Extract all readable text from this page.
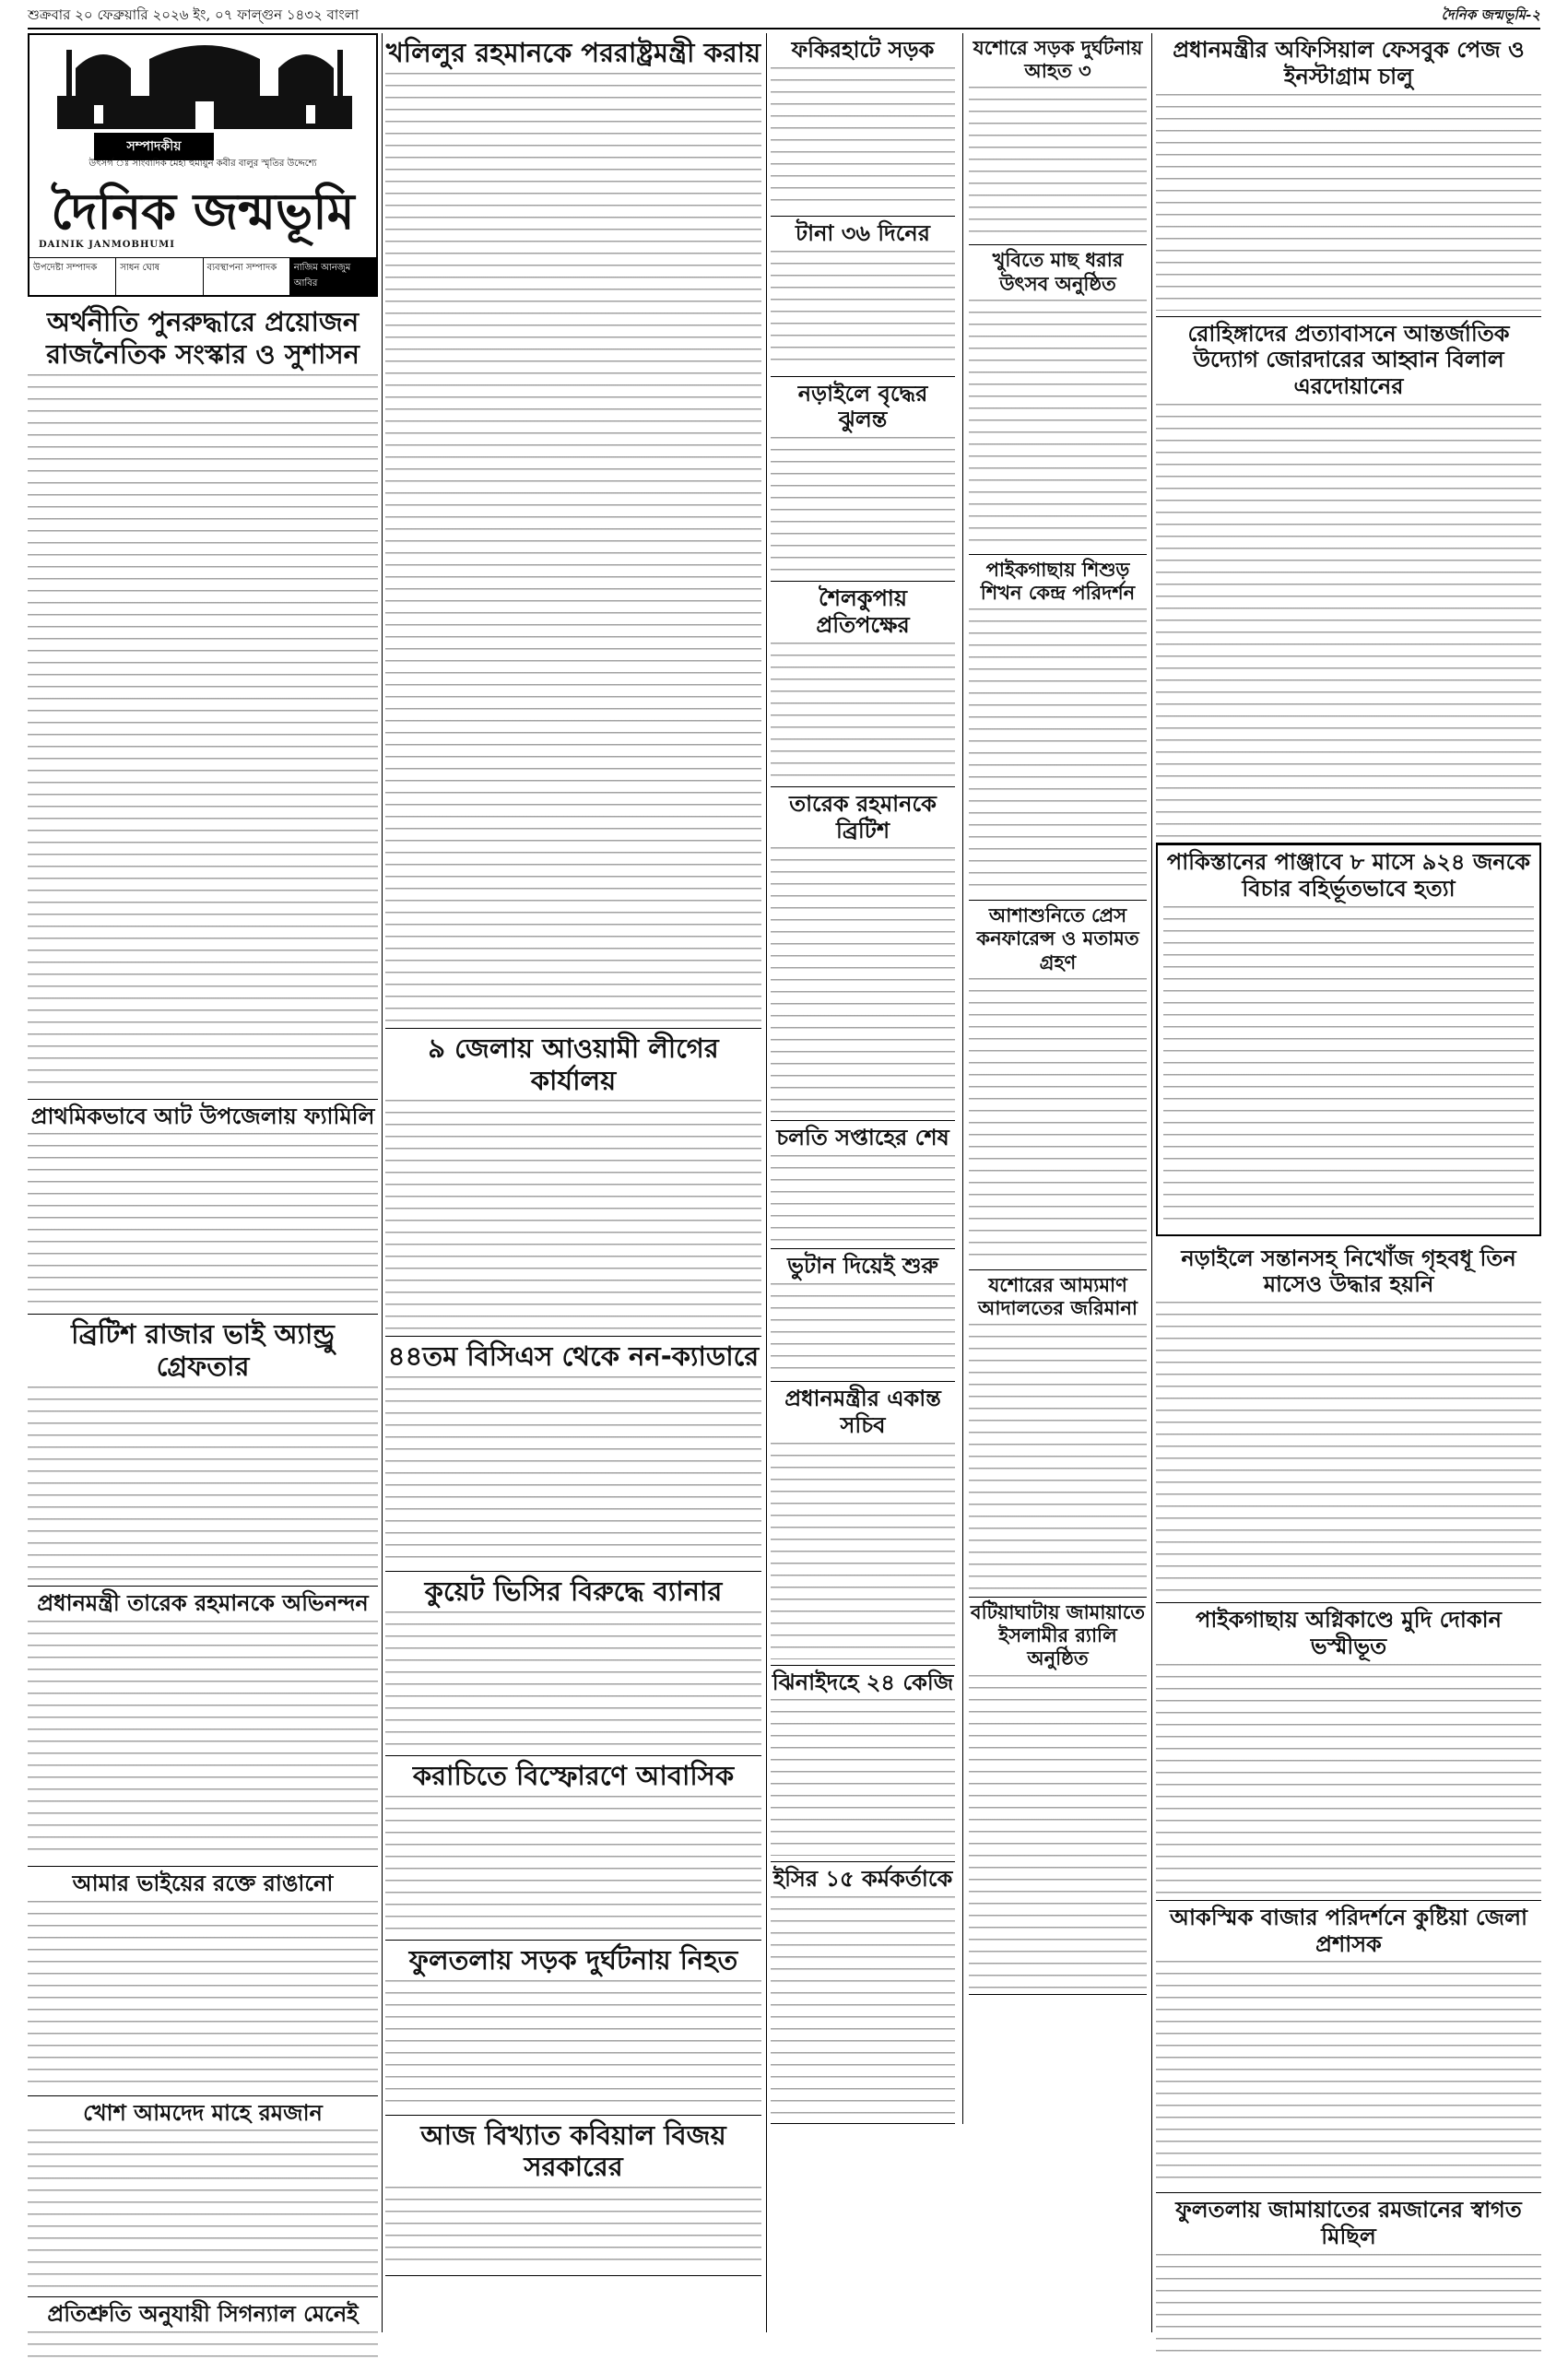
শুক্রবার ২০ ফেব্রুয়ারি ২০২৬ ইং, ০৭ ফাল্গুন ১৪৩২ বাংলা	দৈনিক জন্মভূমি-২
সম্পাদকীয়
উৎসর্গ ঃ সাংবাদিক মেহা হুমায়ুন কবীর বালুর স্মৃতির উদ্দেশ্যে
দৈনিক জন্মভূমি
DAINIK JANMOBHUMI
উপদেষ্টা সম্পাদক	সাধন ঘোষ	ব্যবস্থাপনা সম্পাদক	নাজিম আনজুম আবির
অর্থনীতি পুনরুদ্ধারে প্রয়োজন রাজনৈতিক সংস্কার ও সুশাসন
প্রাথমিকভাবে আট উপজেলায় ফ্যামিলি
ব্রিটিশ রাজার ভাই অ্যান্ড্রু গ্রেফতার
প্রধানমন্ত্রী তারেক রহমানকে অভিনন্দন
আমার ভাইয়ের রক্তে রাঙানো
খোশ আমদেদ মাহে রমজান
প্রতিশ্রুতি অনুযায়ী সিগন্যাল মেনেই
খলিলুর রহমানকে পররাষ্ট্রমন্ত্রী করায়
৯ জেলায় আওয়ামী লীগের কার্যালয়
৪৪তম বিসিএস থেকে নন-ক্যাডারে
কুয়েট ভিসির বিরুদ্ধে ব্যানার
করাচিতে বিস্ফোরণে আবাসিক
ফুলতলায় সড়ক দুর্ঘটনায় নিহত
আজ বিখ্যাত কবিয়াল বিজয় সরকারের
ফকিরহাটে সড়ক
টানা ৩৬ দিনের
নড়াইলে বৃদ্ধের ঝুলন্ত
শৈলকুপায় প্রতিপক্ষের
তারেক রহমানকে ব্রিটিশ
চলতি সপ্তাহের শেষ
ভুটান দিয়েই শুরু
প্রধানমন্ত্রীর একান্ত সচিব
ঝিনাইদহে ২৪ কেজি
ইসির ১৫ কর্মকর্তাকে
যশোরে সড়ক দুর্ঘটনায় আহত ৩
খুবিতে মাছ ধরার উৎসব অনুষ্ঠিত
পাইকগাছায় শিশুড় শিখন কেন্দ্র পরিদর্শন
আশাশুনিতে প্রেস কনফারেন্স ও মতামত গ্রহণ
যশোরের আম্যমাণ আদালতের জরিমানা
বটিয়াঘাটায় জামায়াতে ইসলামীর র‍্যালি অনুষ্ঠিত
প্রধানমন্ত্রীর অফিসিয়াল ফেসবুক পেজ ও ইনস্টাগ্রাম চালু
রোহিঙ্গাদের প্রত্যাবাসনে আন্তর্জাতিক উদ্যোগ জোরদারের আহ্বান বিলাল এরদোয়ানের
পাকিস্তানের পাঞ্জাবে ৮ মাসে ৯২৪ জনকে বিচার বহির্ভূতভাবে হত্যা
নড়াইলে সন্তানসহ নিখোঁজ গৃহবধূ তিন মাসেও উদ্ধার হয়নি
পাইকগাছায় অগ্নিকাণ্ডে মুদি দোকান ভস্মীভূত
আকস্মিক বাজার পরিদর্শনে কুষ্টিয়া জেলা প্রশাসক
ফুলতলায় জামায়াতের রমজানের স্বাগত মিছিল
